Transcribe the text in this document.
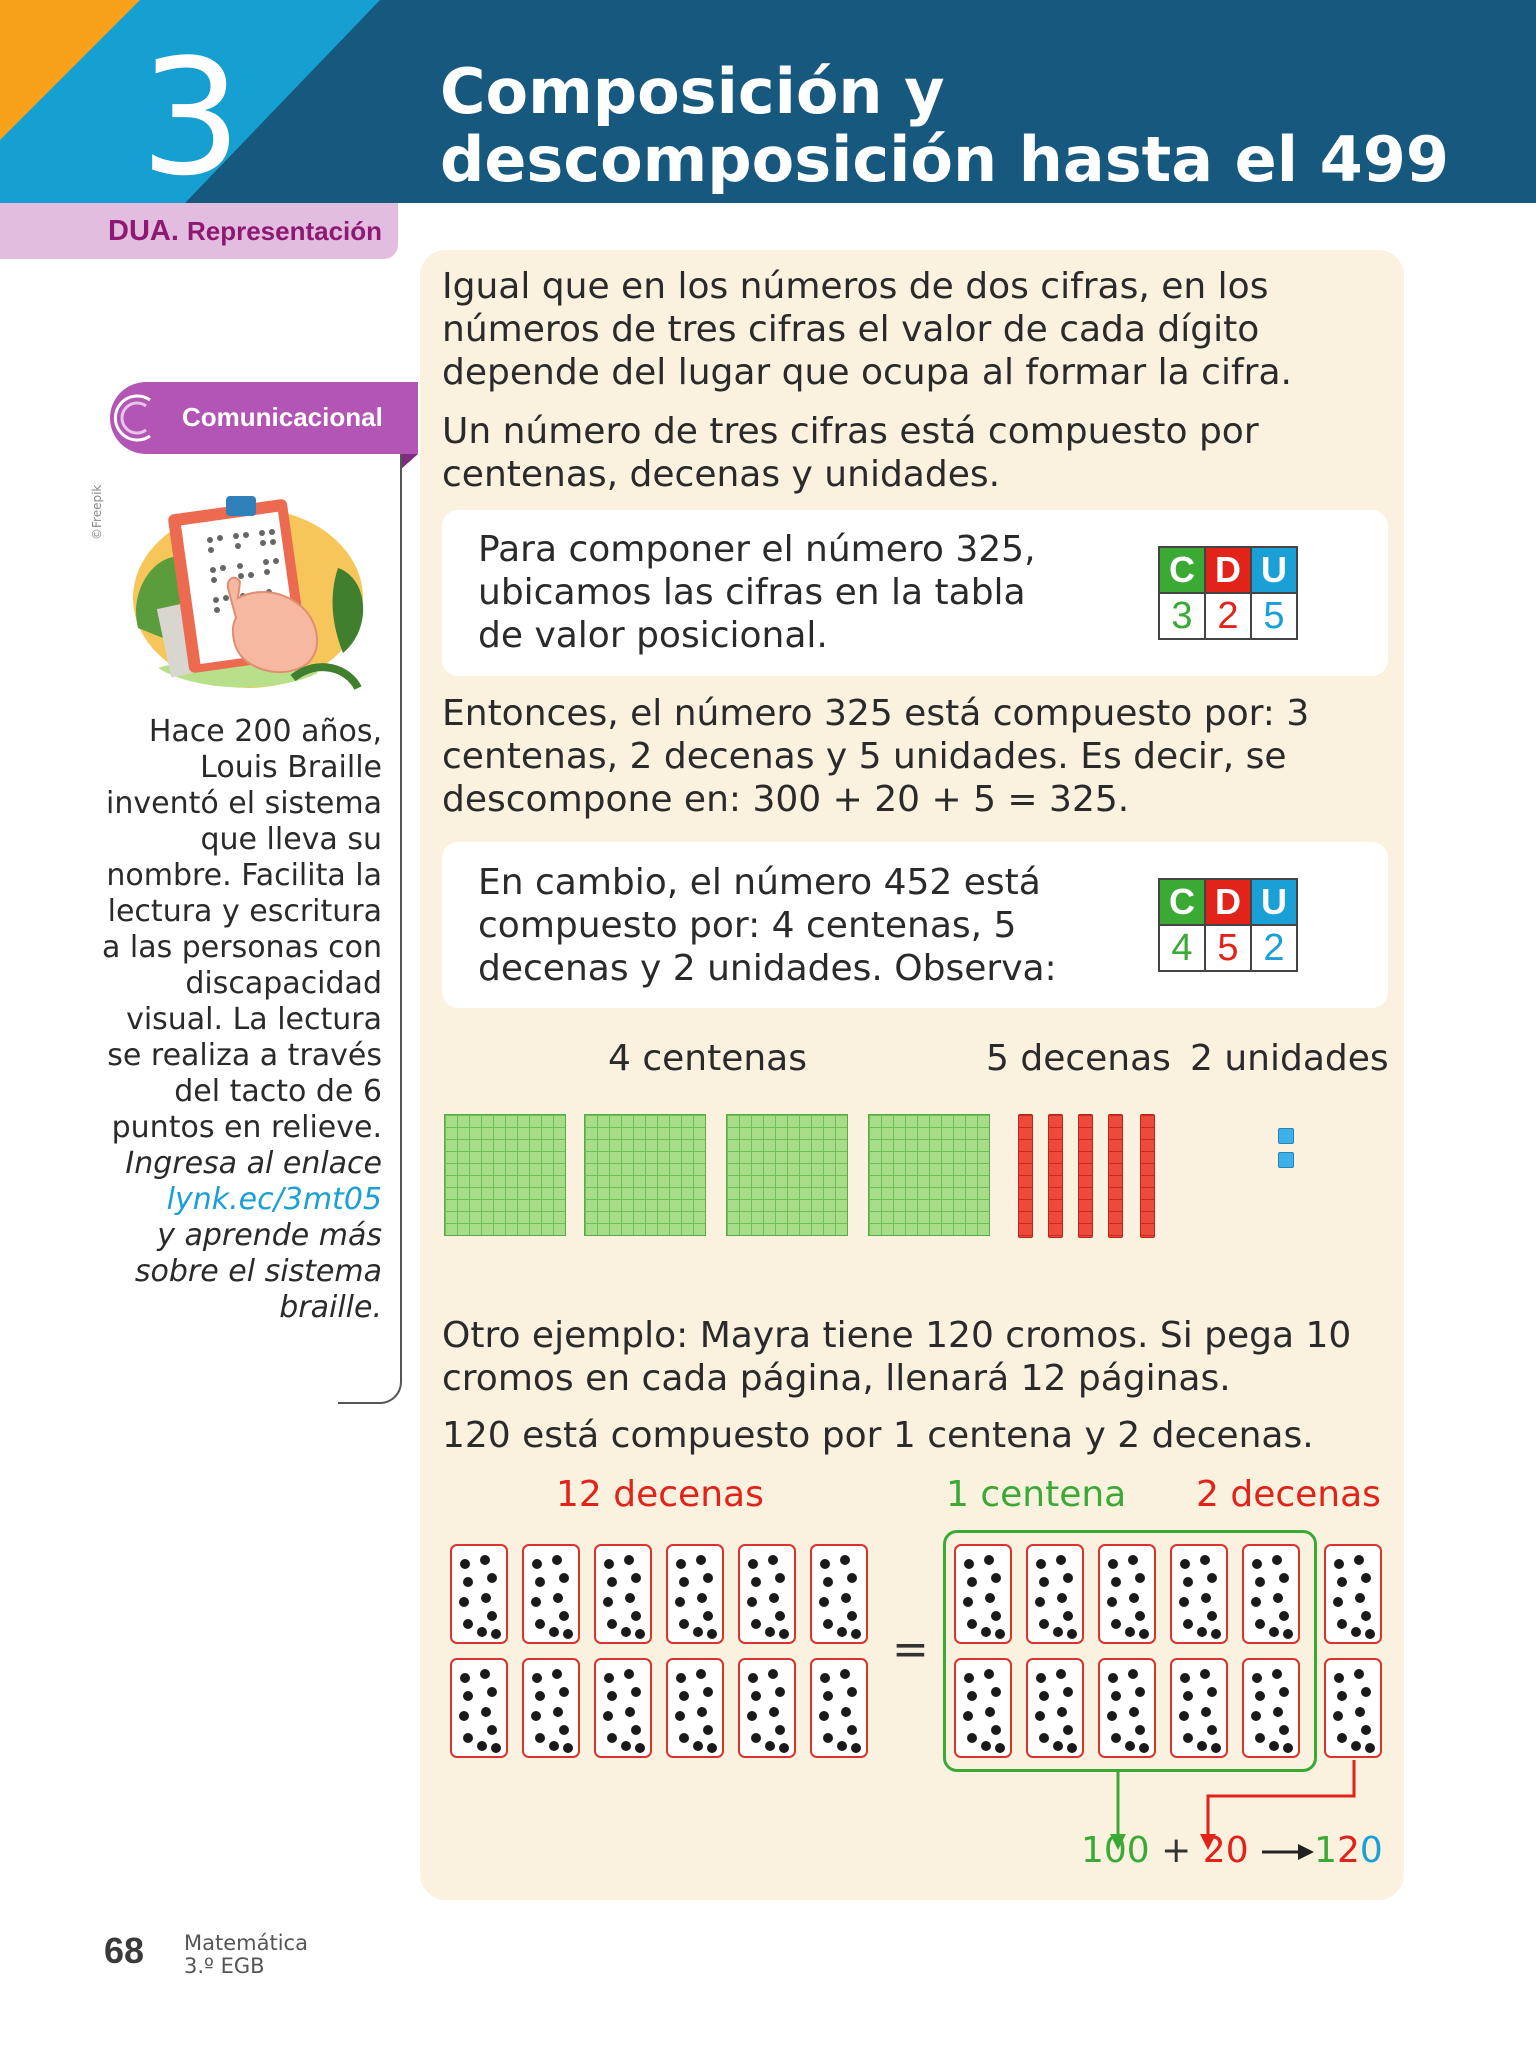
3	Composición y descomposición hasta el 499
DUA. Representación
Comunicacional
©Freepik
Hace 200 años, Louis Braille inventó el sistema que lleva su nombre. Facilita la lectura y escritura a las personas con discapacidad visual. La lectura se realiza a través del tacto de 6 puntos en relieve.
Ingresa al enlace
lynk.ec/3mt05
y aprende más sobre el sistema braille.
Igual que en los números de dos cifras, en los números de tres cifras el valor de cada dígito depende del lugar que ocupa al formar la cifra.
Un número de tres cifras está compuesto por centenas, decenas y unidades.
Para componer el número 325, ubicamos las cifras en la tabla de valor posicional.
C	D	U
3	2	5
Entonces, el número 325 está compuesto por: 3 centenas, 2 decenas y 5 unidades. Es decir, se descompone en: 300 + 20 + 5 = 325.
En cambio, el número 452 está compuesto por: 4 centenas, 5 decenas y 2 unidades. Observa:
C	D	U
4	5	2
4 centenas	5 decenas 2 unidades
Otro ejemplo: Mayra tiene 120 cromos. Si pega 10 cromos en cada página, llenará 12 páginas.
120 está compuesto por 1 centena y 2 decenas.
12 decenas	1 centena 2 decenas
=
100 + 20 120
68 Matemática
3.º EGB
